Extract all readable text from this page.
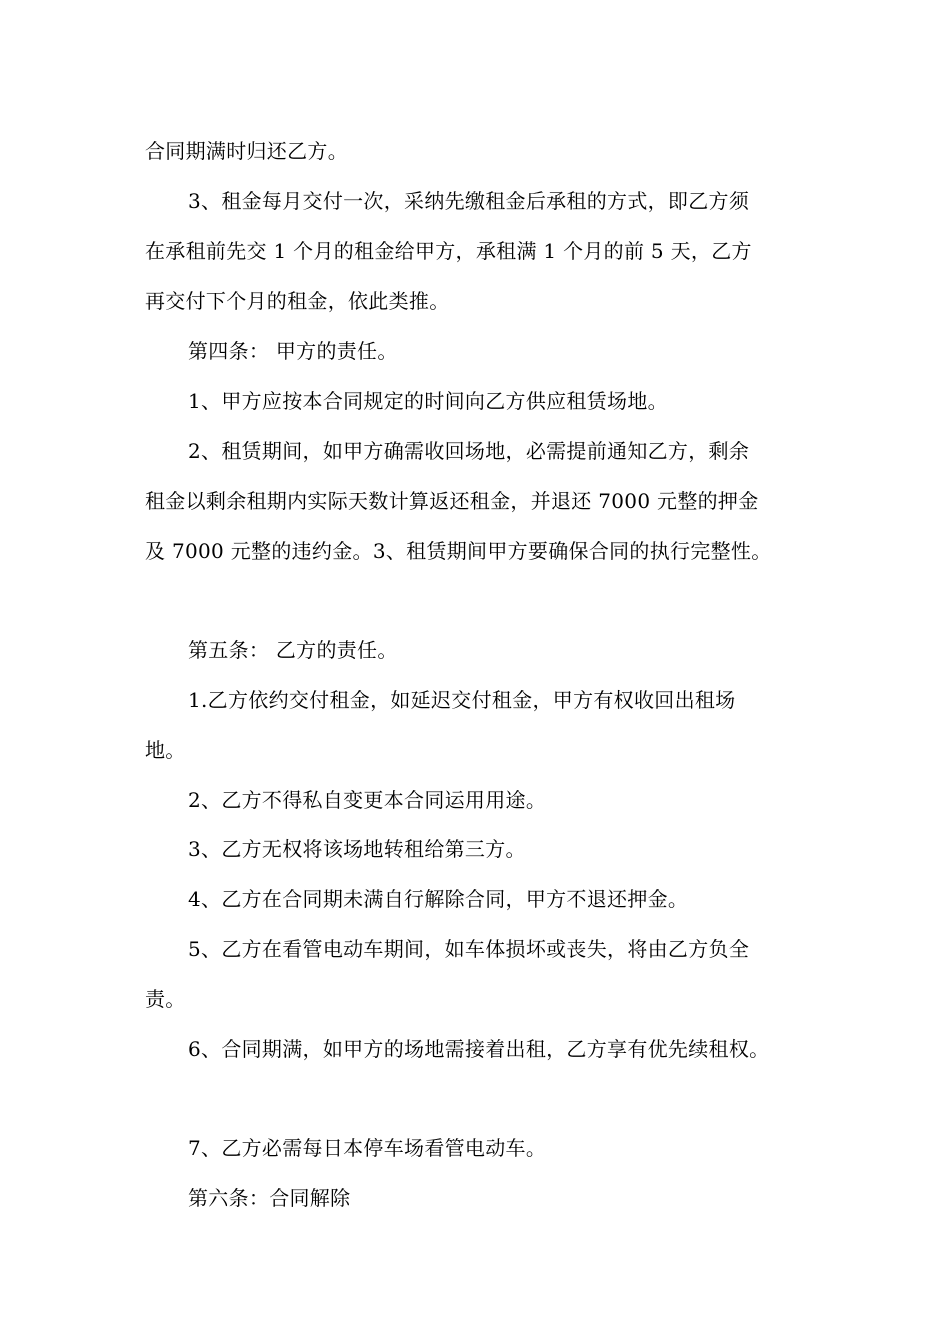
合同期满时归还乙方。
3、租金每月交付一次，采纳先缴租金后承租的方式，即乙方须
在承租前先交 1 个月的租金给甲方，承租满 1 个月的前 5 天，乙方
再交付下个月的租金，依此类推。
第四条： 甲方的责任。
1、甲方应按本合同规定的时间向乙方供应租赁场地。
2、租赁期间，如甲方确需收回场地，必需提前通知乙方，剩余
租金以剩余租期内实际天数计算返还租金，并退还 7000 元整的押金
及 7000 元整的违约金。3、租赁期间甲方要确保合同的执行完整性。
第五条： 乙方的责任。
1.乙方依约交付租金，如延迟交付租金，甲方有权收回出租场
地。
2、乙方不得私自变更本合同运用用途。
3、乙方无权将该场地转租给第三方。
4、乙方在合同期未满自行解除合同，甲方不退还押金。
5、乙方在看管电动车期间，如车体损坏或丧失，将由乙方负全
责。
6、合同期满，如甲方的场地需接着出租，乙方享有优先续租权。
7、乙方必需每日本停车场看管电动车。
第六条：合同解除
